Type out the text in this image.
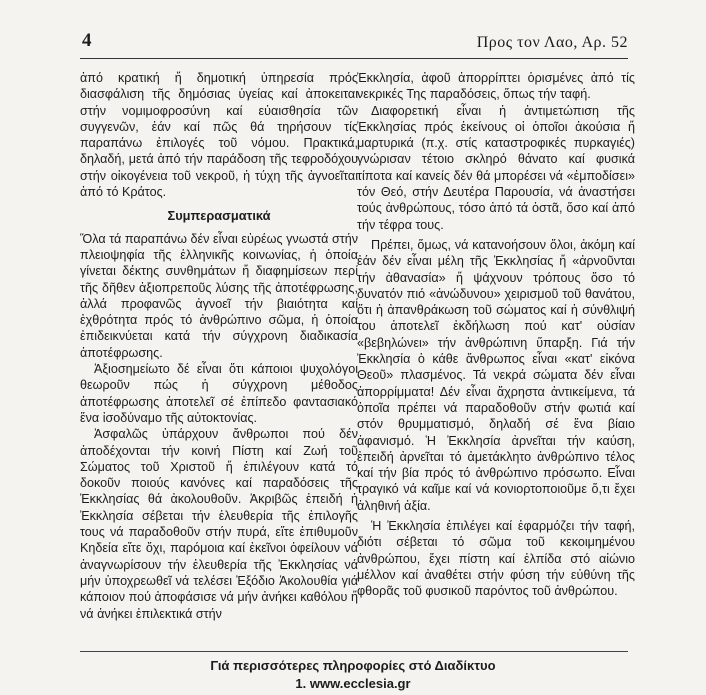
4	Προς τον Λαο, Αρ. 52

ἀπό κρατική ἤ δημοτική ὑπηρεσία πρός διασφάλιση τῆς δημόσιας ὑγείας καί ἀποκειται στήν νομιμοφροσύνη καί εὐαισθησία τῶν συγγενῶν, ἐάν καί πῶς θά τηρήσουν τίς παραπάνω ἐπιλογές τοῦ νόμου. Πρακτικά, δηλαδή, μετά ἀπό τήν παράδοση τῆς τεφροδόχου στήν οἰκογένεια τοῦ νεκροῦ, ἡ τύχη τῆς ἀγνοεῖται ἀπό τό Κράτος.

Συμπερασματικά

Ὅλα τά παραπάνω δέν εἶναι εὐρέως γνωστά στήν πλειοψηφία τῆς ἑλληνικῆς κοινωνίας, ἡ ὁποία γίνεται δέκτης συνθημάτων ἤ διαφημίσεων περί τῆς δῆθεν ἀξιοπρεποῦς λύσης τῆς ἀποτέφρωσης, ἀλλά προφανῶς ἀγνοεῖ τήν βιαιότητα καί ἐχθρότητα πρός τό ἀνθρώπινο σῶμα, ἡ ὁποία ἐπιδεικνύεται κατά τήν σύγχρονη διαδικασία ἀποτέφρωσης.

Ἀξιοσημείωτο δέ εἶναι ὅτι κάποιοι ψυχολόγοι θεωροῦν πώς ἡ σύγχρονη μέθοδος ἀποτέφρωσης ἀποτελεῖ σέ ἐπίπεδο φαντασιακό ἕνα ἰσοδύναμο τῆς αὐτοκτονίας.

Ἀσφαλῶς ὑπάρχουν ἄνθρωποι πού δέν ἀποδέχονται τήν κοινή Πίστη καί Ζωή τοῦ Σώματος τοῦ Χριστοῦ ἤ ἐπιλέγουν κατά τό δοκοῦν ποιούς κανόνες καί παραδόσεις τῆς Ἐκκλησίας θά ἀκολουθοῦν. Ἀκριβῶς ἐπειδή ἡ Ἐκκλησία σέβεται τήν ἐλευθερία τῆς ἐπιλογῆς τους νά παραδοθοῦν στήν πυρά, εἴτε ἐπιθυμοῦν Κηδεία εἴτε ὄχι, παρόμοια καί ἐκεῖνοι ὀφείλουν νά ἀναγνωρίσουν τήν ἐλευθερία τῆς Ἐκκλησίας νά μήν ὑποχρεωθεῖ νά τελέσει Ἐξόδιο Ἀκολουθία γιά κάποιον πού ἀποφάσισε νά μήν ἀνήκει καθόλου ἤ νά ἀνήκει ἐπιλεκτικά στήν

Ἐκκλησία, ἀφοῦ ἀπορρίπτει ὁρισμένες ἀπό τίς νεκρικές Της παραδόσεις, ὅπως τήν ταφή.

Διαφορετική εἶναι ἡ ἀντιμετώπιση τῆς Ἐκκλησίας πρός ἐκείνους οἱ ὁποῖοι ἀκούσια ἤ μαρτυρικά (π.χ. στίς καταστροφικές πυρκαγιές) γνώρισαν τέτοιο σκληρό θάνατο καί φυσικά τίποτα καί κανείς δέν θά μπορέσει νά «ἐμποδίσει» τόν Θεό, στήν Δευτέρα Παρουσία, νά ἀναστήσει τούς ἀνθρώπους, τόσο ἀπό τά ὀστᾶ, ὅσο καί ἀπό τήν τέφρα τους.

Πρέπει, ὅμως, νά κατανοήσουν ὅλοι, ἀκόμη καί ἐάν δέν εἶναι μέλη τῆς Ἐκκλησίας ἤ «ἀρνοῦνται τήν ἀθανασία» ἤ ψάχνουν τρόπους ὅσο τό δυνατόν πιό «ἀνώδυνου» χειρισμοῦ τοῦ θανάτου, ὅτι ἡ ἀπανθράκωση τοῦ σώματος καί ἡ σύνθλιψή του ἀποτελεῖ ἐκδήλωση πού κατ' οὐσίαν «βεβηλώνει» τήν ἀνθρώπινη ὕπαρξη. Γιά τήν Ἐκκλησία ὁ κάθε ἄνθρωπος εἶναι «κατ' εἰκόνα Θεοῦ» πλασμένος. Τά νεκρά σώματα δέν εἶναι ἀπορρίμματα! Δέν εἶναι ἄχρηστα ἀντικείμενα, τά ὁποῖα πρέπει νά παραδοθοῦν στήν φωτιά καί στόν θρυμματισμό, δηλαδή σέ ἕνα βίαιο ἀφανισμό. Ἡ Ἐκκλησία ἀρνεῖται τήν καύση, ἐπειδή ἀρνεῖται τό ἀμετάκλητο ἀνθρώπινο τέλος καί τήν βία πρός τό ἀνθρώπινο πρόσωπο. Εἶναι τραγικό νά καῖμε καί νά κονιορτοποιοῦμε ὅ,τι ἔχει ἀληθινή ἀξία.

Ἡ Ἐκκλησία ἐπιλέγει καί ἐφαρμόζει τήν ταφή, διότι σέβεται τό σῶμα τοῦ κεκοιμημένου ἀνθρώπου, ἔχει πίστη καί ἐλπίδα στό αἰώνιο μέλλον καί ἀναθέτει στήν φύση τήν εὐθύνη τῆς φθορᾶς τοῦ φυσικοῦ παρόντος τοῦ ἀνθρώπου.

Γιά περισσότερες πληροφορίες στό Διαδίκτυο
1. www.ecclesia.gr
